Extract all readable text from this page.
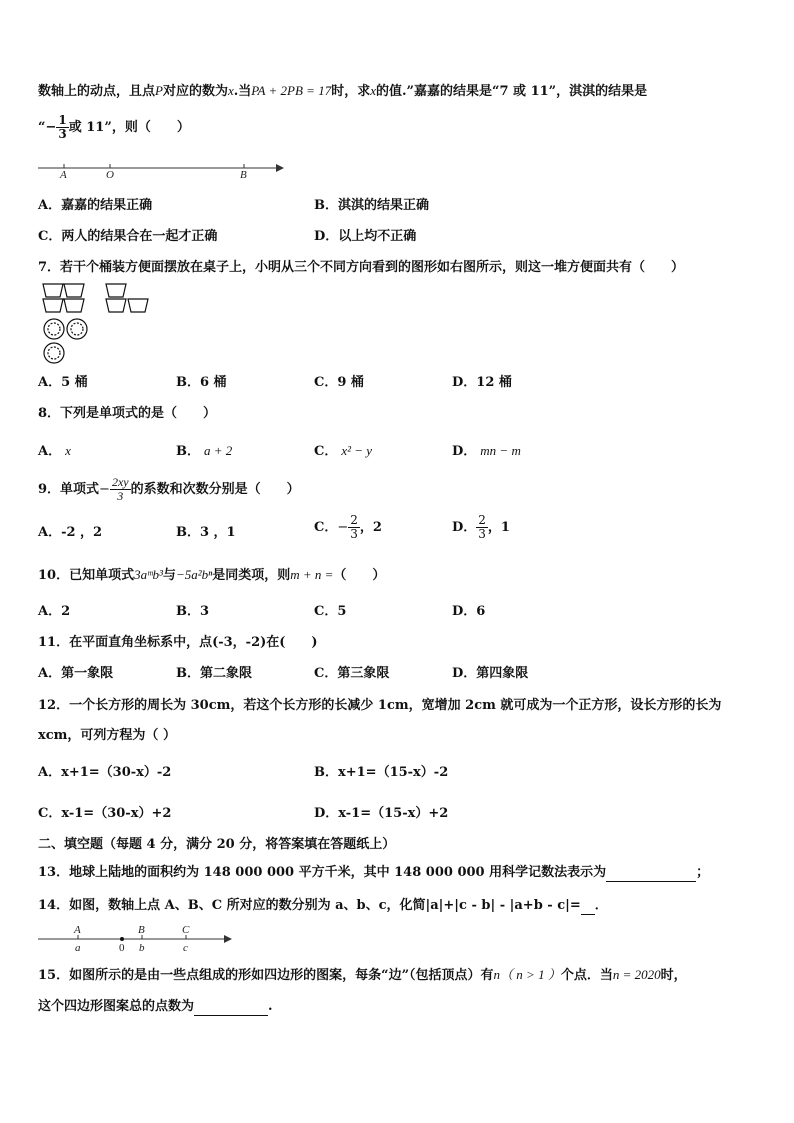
数轴上的动点，且点P对应的数为x.当PA + 2PB = 17时，求x的值.”嘉嘉的结果是“7 或 11”，淇淇的结果是
“− $\frac{1}{3}$ 或 11”，则（　　）
A	O	B
A．嘉嘉的结果正确	B．淇淇的结果正确
C．两人的结果合在一起才正确	D．以上均不正确
7．若干个桶装方便面摆放在桌子上，小明从三个不同方向看到的图形如右图所示，则这一堆方便面共有（　　）
A．5 桶	B．6 桶	C．9 桶	D．12 桶
8．下列是单项式的是（　　）
A． x	B． a + 2	C． x² − y	D． mn − m
9．单项式− $\frac{2xy}{3}$ 的系数和次数分别是（　　）
A．-2 ，2	B．3 ，1	C．− $\frac{2}{3}$ ，2	D． $\frac{2}{3}$ ，1
10．已知单项式3aᵐb³与−5a²bⁿ是同类项，则m + n =（　　）
A．2	B．3	C．5	D．6
11．在平面直角坐标系中，点(-3，-2)在(　　)
A．第一象限	B．第二象限	C．第三象限	D．第四象限
12．一个长方形的周长为 30cm，若这个长方形的长减少 1cm，宽增加 2cm 就可成为一个正方形，设长方形的长为
xcm，可列方程为（ ）
A．x+1=（30-x）-2	B．x+1=（15-x）-2
C．x-1=（30-x）+2	D．x-1=（15-x）+2
二、填空题（每题 4 分，满分 20 分，将答案填在答题纸上）
13．地球上陆地的面积约为 148 000 000 平方千米，其中 148 000 000 用科学记数法表示为	；
14．如图，数轴上点 A、B、C 所对应的数分别为 a、b、c，化简|a|+|c - b| - |a+b - c|= ．
A	B	C
a	0 b	c
15．如图所示的是由一些点组成的形如四边形的图案，每条“边”（包括顶点）有n（ n > 1 ）个点．当n = 2020时，
这个四边形图案总的点数为	.
